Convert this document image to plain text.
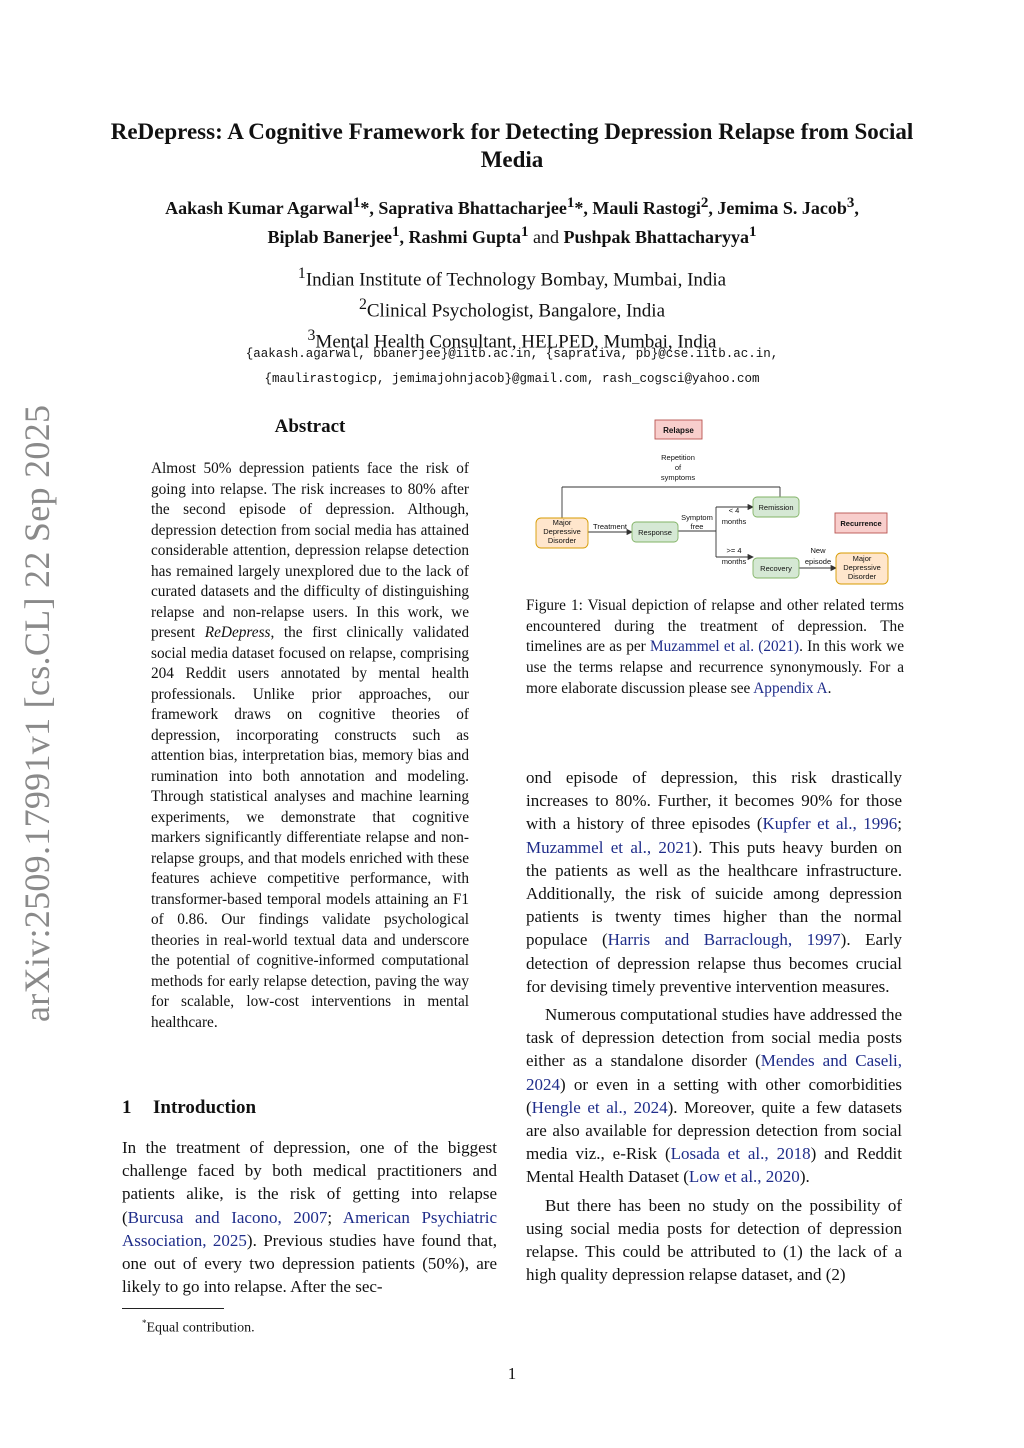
arXiv:2509.17991v1 [cs.CL] 22 Sep 2025
ReDepress: A Cognitive Framework for Detecting Depression Relapse from Social Media
Aakash Kumar Agarwal$^1$*, Saprativa Bhattacharjee$^1$*, Mauli Rastogi$^2$, Jemima S. Jacob$^3$,
Biplab Banerjee$^1$, Rashmi Gupta$^1$ and Pushpak Bhattacharyya$^1$
$^1$Indian Institute of Technology Bombay, Mumbai, India
$^2$Clinical Psychologist, Bangalore, India
$^3$Mental Health Consultant, HELPED, Mumbai, India
{aakash.agarwal, bbanerjee}@iitb.ac.in, {saprativa, pb}@cse.iitb.ac.in,
{maulirastogicp, jemimajohnjacob}@gmail.com, rash_cogsci@yahoo.com
Abstract
Almost 50% depression patients face the risk of going into relapse. The risk increases to 80% after the second episode of depression. Although, depression detection from social media has attained considerable attention, depression relapse detection has remained largely unexplored due to the lack of curated datasets and the difficulty of distinguishing relapse and non-relapse users. In this work, we present ReDepress, the first clinically validated social media dataset focused on relapse, comprising 204 Reddit users annotated by mental health professionals. Unlike prior approaches, our framework draws on cognitive theories of depression, incorporating constructs such as attention bias, interpretation bias, memory bias and rumination into both annotation and modeling. Through statistical analyses and machine learning experiments, we demonstrate that cognitive markers significantly differentiate relapse and non-relapse groups, and that models enriched with these features achieve competitive performance, with transformer-based temporal models attaining an F1 of 0.86. Our findings validate psychological theories in real-world textual data and underscore the potential of cognitive-informed computational methods for early relapse detection, paving the way for scalable, low-cost interventions in mental healthcare.
1 Introduction
In the treatment of depression, one of the biggest challenge faced by both medical practitioners and patients alike, is the risk of getting into relapse (Burcusa and Iacono, 2007; American Psychiatric Association, 2025). Previous studies have found that, one out of every two depression patients (50%), are likely to go into relapse. After the sec-
*Equal contribution.
Relapse
Repetition
of
symptoms
Major
Depressive
Disorder
Treatment
Response
Symptom
free
< 4
months
>= 4
months
Remission
Recovery
Recurrence
New
episode	Major
Depressive
Disorder
Figure 1: Visual depiction of relapse and other related terms encountered during the treatment of depression. The timelines are as per Muzammel et al. (2021). In this work we use the terms relapse and recurrence synonymously. For a more elaborate discussion please see Appendix A.

ond episode of depression, this risk drastically increases to 80%. Further, it becomes 90% for those with a history of three episodes (Kupfer et al., 1996; Muzammel et al., 2021). This puts heavy burden on the patients as well as the healthcare infrastructure. Additionally, the risk of suicide among depression patients is twenty times higher than the normal populace (Harris and Barraclough, 1997). Early detection of depression relapse thus becomes crucial for devising timely preventive intervention measures.

Numerous computational studies have addressed the task of depression detection from social media posts either as a standalone disorder (Mendes and Caseli, 2024) or even in a setting with other comorbidities (Hengle et al., 2024). Moreover, quite a few datasets are also available for depression detection from social media viz., e-Risk (Losada et al., 2018) and Reddit Mental Health Dataset (Low et al., 2020).

But there has been no study on the possibility of using social media posts for detection of depression relapse. This could be attributed to (1) the lack of a high quality depression relapse dataset, and (2)

1
